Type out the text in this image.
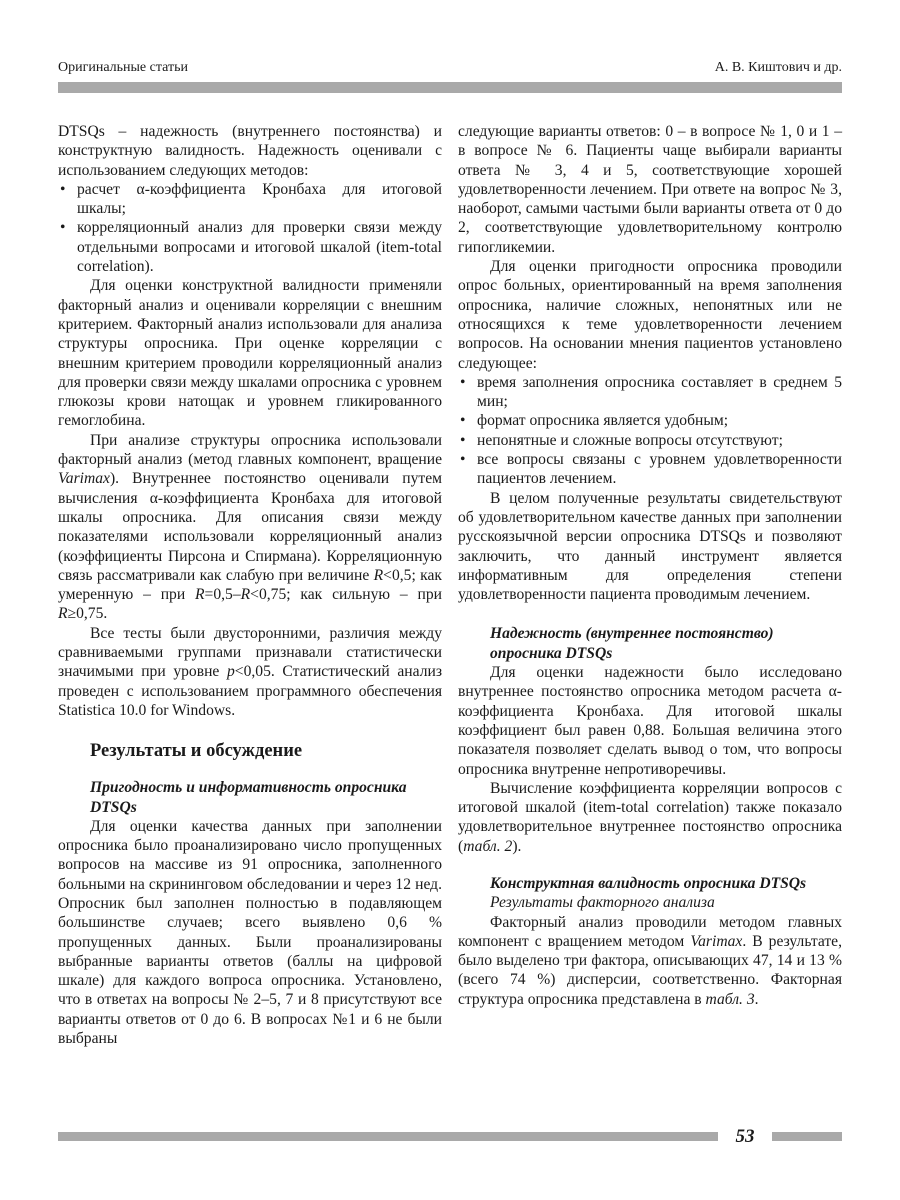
Оригинальные статьи	А. В. Киштович и др.

DTSQs – надежность (внутреннего постоянства) и конструктную валидность. Надежность оценивали с использованием следующих методов:

• расчет α-коэффициента Кронбаха для итоговой шкалы;
• корреляционный анализ для проверки связи между отдельными вопросами и итоговой шкалой (item-total correlation).

Для оценки конструктной валидности применяли факторный анализ и оценивали корреляции с внешним критерием. Факторный анализ использовали для анализа структуры опросника. При оценке корреляции с внешним критерием проводили корреляционный анализ для проверки связи между шкалами опросника с уровнем глюкозы крови натощак и уровнем гликированного гемоглобина.

При анализе структуры опросника использовали факторный анализ (метод главных компонент, вращение Varimax). Внутреннее постоянство оценивали путем вычисления α-коэффициента Кронбаха для итоговой шкалы опросника. Для описания связи между показателями использовали корреляционный анализ (коэффициенты Пирсона и Спирмана). Корреляционную связь рассматривали как слабую при величине R<0,5; как умеренную – при R=0,5–R<0,75; как сильную – при R≥0,75.

Все тесты были двусторонними, различия между сравниваемыми группами признавали статистически значимыми при уровне p<0,05. Статистический анализ проведен с использованием программного обеспечения Statistica 10.0 for Windows.

Результаты и обсуждение
Пригодность и информативность опросника DTSQs

Для оценки качества данных при заполнении опросника было проанализировано число пропущенных вопросов на массиве из 91 опросника, заполненного больными на скрининговом обследовании и через 12 нед. Опросник был заполнен полностью в подавляющем большинстве случаев; всего выявлено 0,6 % пропущенных данных. Были проанализированы выбранные варианты ответов (баллы на цифровой шкале) для каждого вопроса опросника. Установлено, что в ответах на вопросы № 2–5, 7 и 8 присутствуют все варианты ответов от 0 до 6. В вопросах №1 и 6 не были выбраны

следующие варианты ответов: 0 – в вопросе № 1, 0 и 1 – в вопросе № 6. Пациенты чаще выбирали варианты ответа № 3, 4 и 5, соответствующие хорошей удовлетворенности лечением. При ответе на вопрос № 3, наоборот, самыми частыми были варианты ответа от 0 до 2, соответствующие удовлетворительному контролю гипогликемии.

Для оценки пригодности опросника проводили опрос больных, ориентированный на время заполнения опросника, наличие сложных, непонятных или не относящихся к теме удовлетворенности лечением вопросов. На основании мнения пациентов установлено следующее:

• время заполнения опросника составляет в среднем 5 мин;
• формат опросника является удобным;
• непонятные и сложные вопросы отсутствуют;
• все вопросы связаны с уровнем удовлетворенности пациентов лечением.

В целом полученные результаты свидетельствуют об удовлетворительном качестве данных при заполнении русскоязычной версии опросника DTSQs и позволяют заключить, что данный инструмент является информативным для определения степени удовлетворенности пациента проводимым лечением.

Надежность (внутреннее постоянство) опросника DTSQs

Для оценки надежности было исследовано внутреннее постоянство опросника методом расчета α-коэффициента Кронбаха. Для итоговой шкалы коэффициент был равен 0,88. Большая величина этого показателя позволяет сделать вывод о том, что вопросы опросника внутренне непротиворечивы.

Вычисление коэффициента корреляции вопросов с итоговой шкалой (item-total correlation) также показало удовлетворительное внутреннее постоянство опросника (табл. 2).

Конструктная валидность опросника DTSQs

Результаты факторного анализа

Факторный анализ проводили методом главных компонент с вращением методом Varimax. В результате, было выделено три фактора, описывающих 47, 14 и 13 % (всего 74 %) дисперсии, соответственно. Факторная структура опросника представлена в табл. 3.

53
